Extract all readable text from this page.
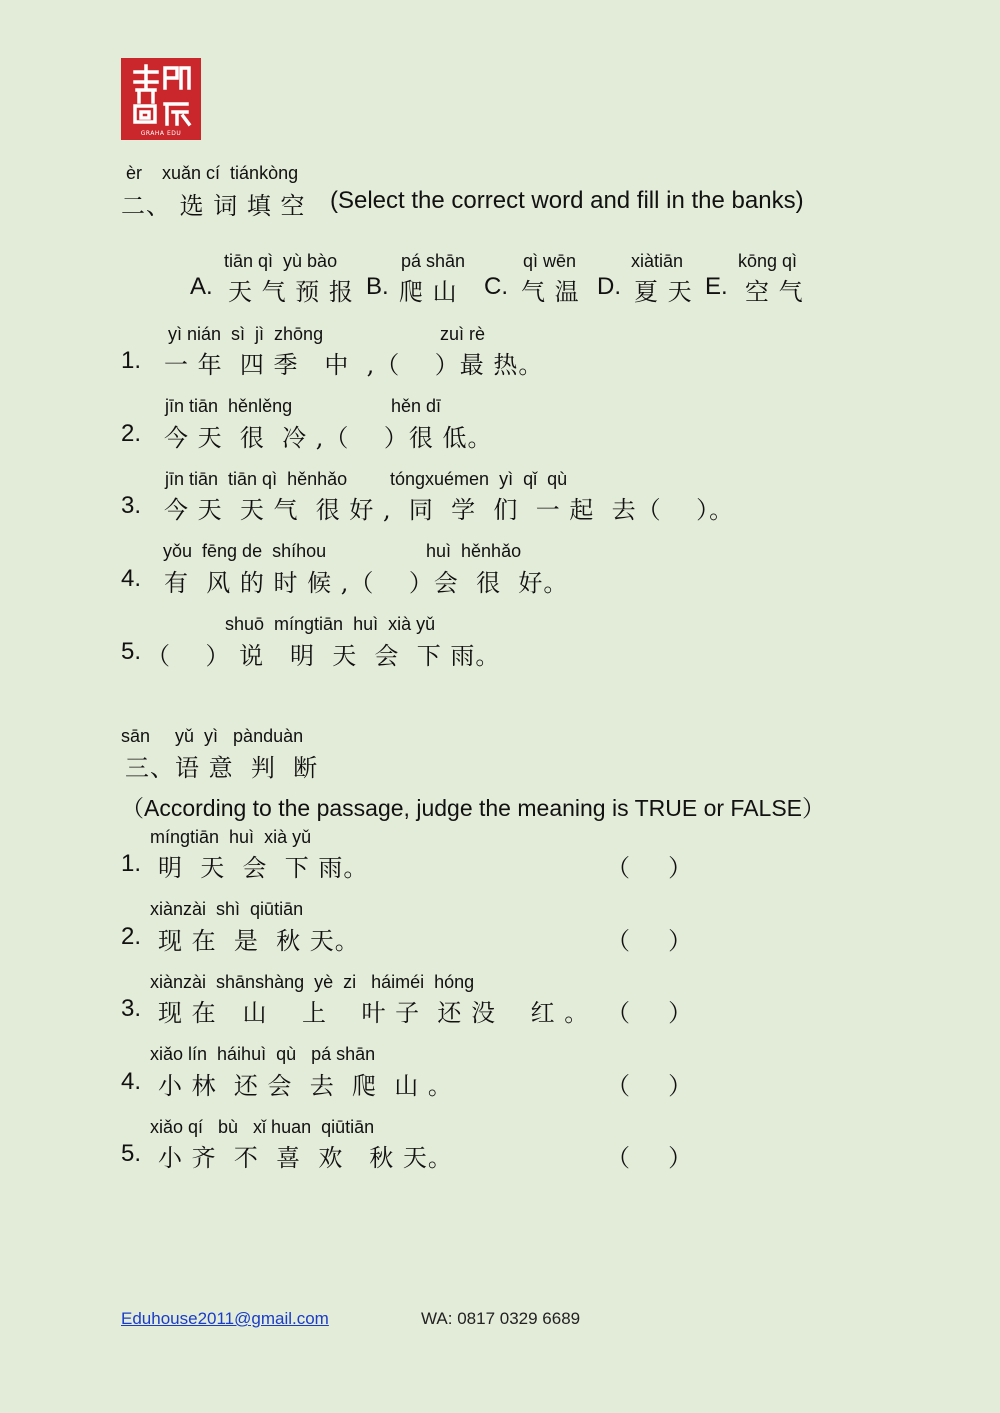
GRAHA EDU
èr    xuǎn cí  tiánkòng
二、 选 词 填 空 (Select the correct word and fill in the banks)
tiān qì  yù bào
A. 天 气 预 报
pá shān
B. 爬 山
qì wēn
C. 气 温
xiàtiān
D. 夏 天
kōng qì
E. 空 气
yì nián  sì  jì  zhōng	zuì rè
1. 一 年  四 季   中  ,（    ）最 热。
jīn tiān  hěnlěng	hěn dī
2. 今 天  很  冷 ,（    ）很 低。
jīn tiān  tiān qì  hěnhǎo tóngxuémen  yì  qǐ  qù
3. 今 天  天 气  很 好 ,  同  学  们  一 起  去（    ）。
yǒu  fēng de  shíhou	huì  hěnhǎo
4. 有  风 的 时 候 ,（    ）会  很  好。
shuō  míngtiān  huì  xià yǔ
5. （    ） 说   明  天  会  下 雨。
sān     yǔ  yì   pànduàn
三、语 意  判  断
（According to the passage, judge the meaning is TRUE or FALSE）
míngtiān  huì  xià yǔ
1. 明  天  会  下 雨。	（     ）
xiànzài  shì  qiūtiān
2. 现 在  是  秋 天。	（     ）
xiànzài  shānshàng  yè  zi   háiméi  hóng
3. 现 在   山    上    叶 子  还 没    红 。 （     ）
xiǎo lín  háihuì  qù   pá shān
4. 小 林  还 会  去  爬  山 。	（     ）
xiǎo qí   bù   xǐ huan  qiūtiān
5. 小 齐  不  喜  欢   秋 天。	（     ）
Eduhouse2011@gmail.com	WA: 0817 0329 6689
